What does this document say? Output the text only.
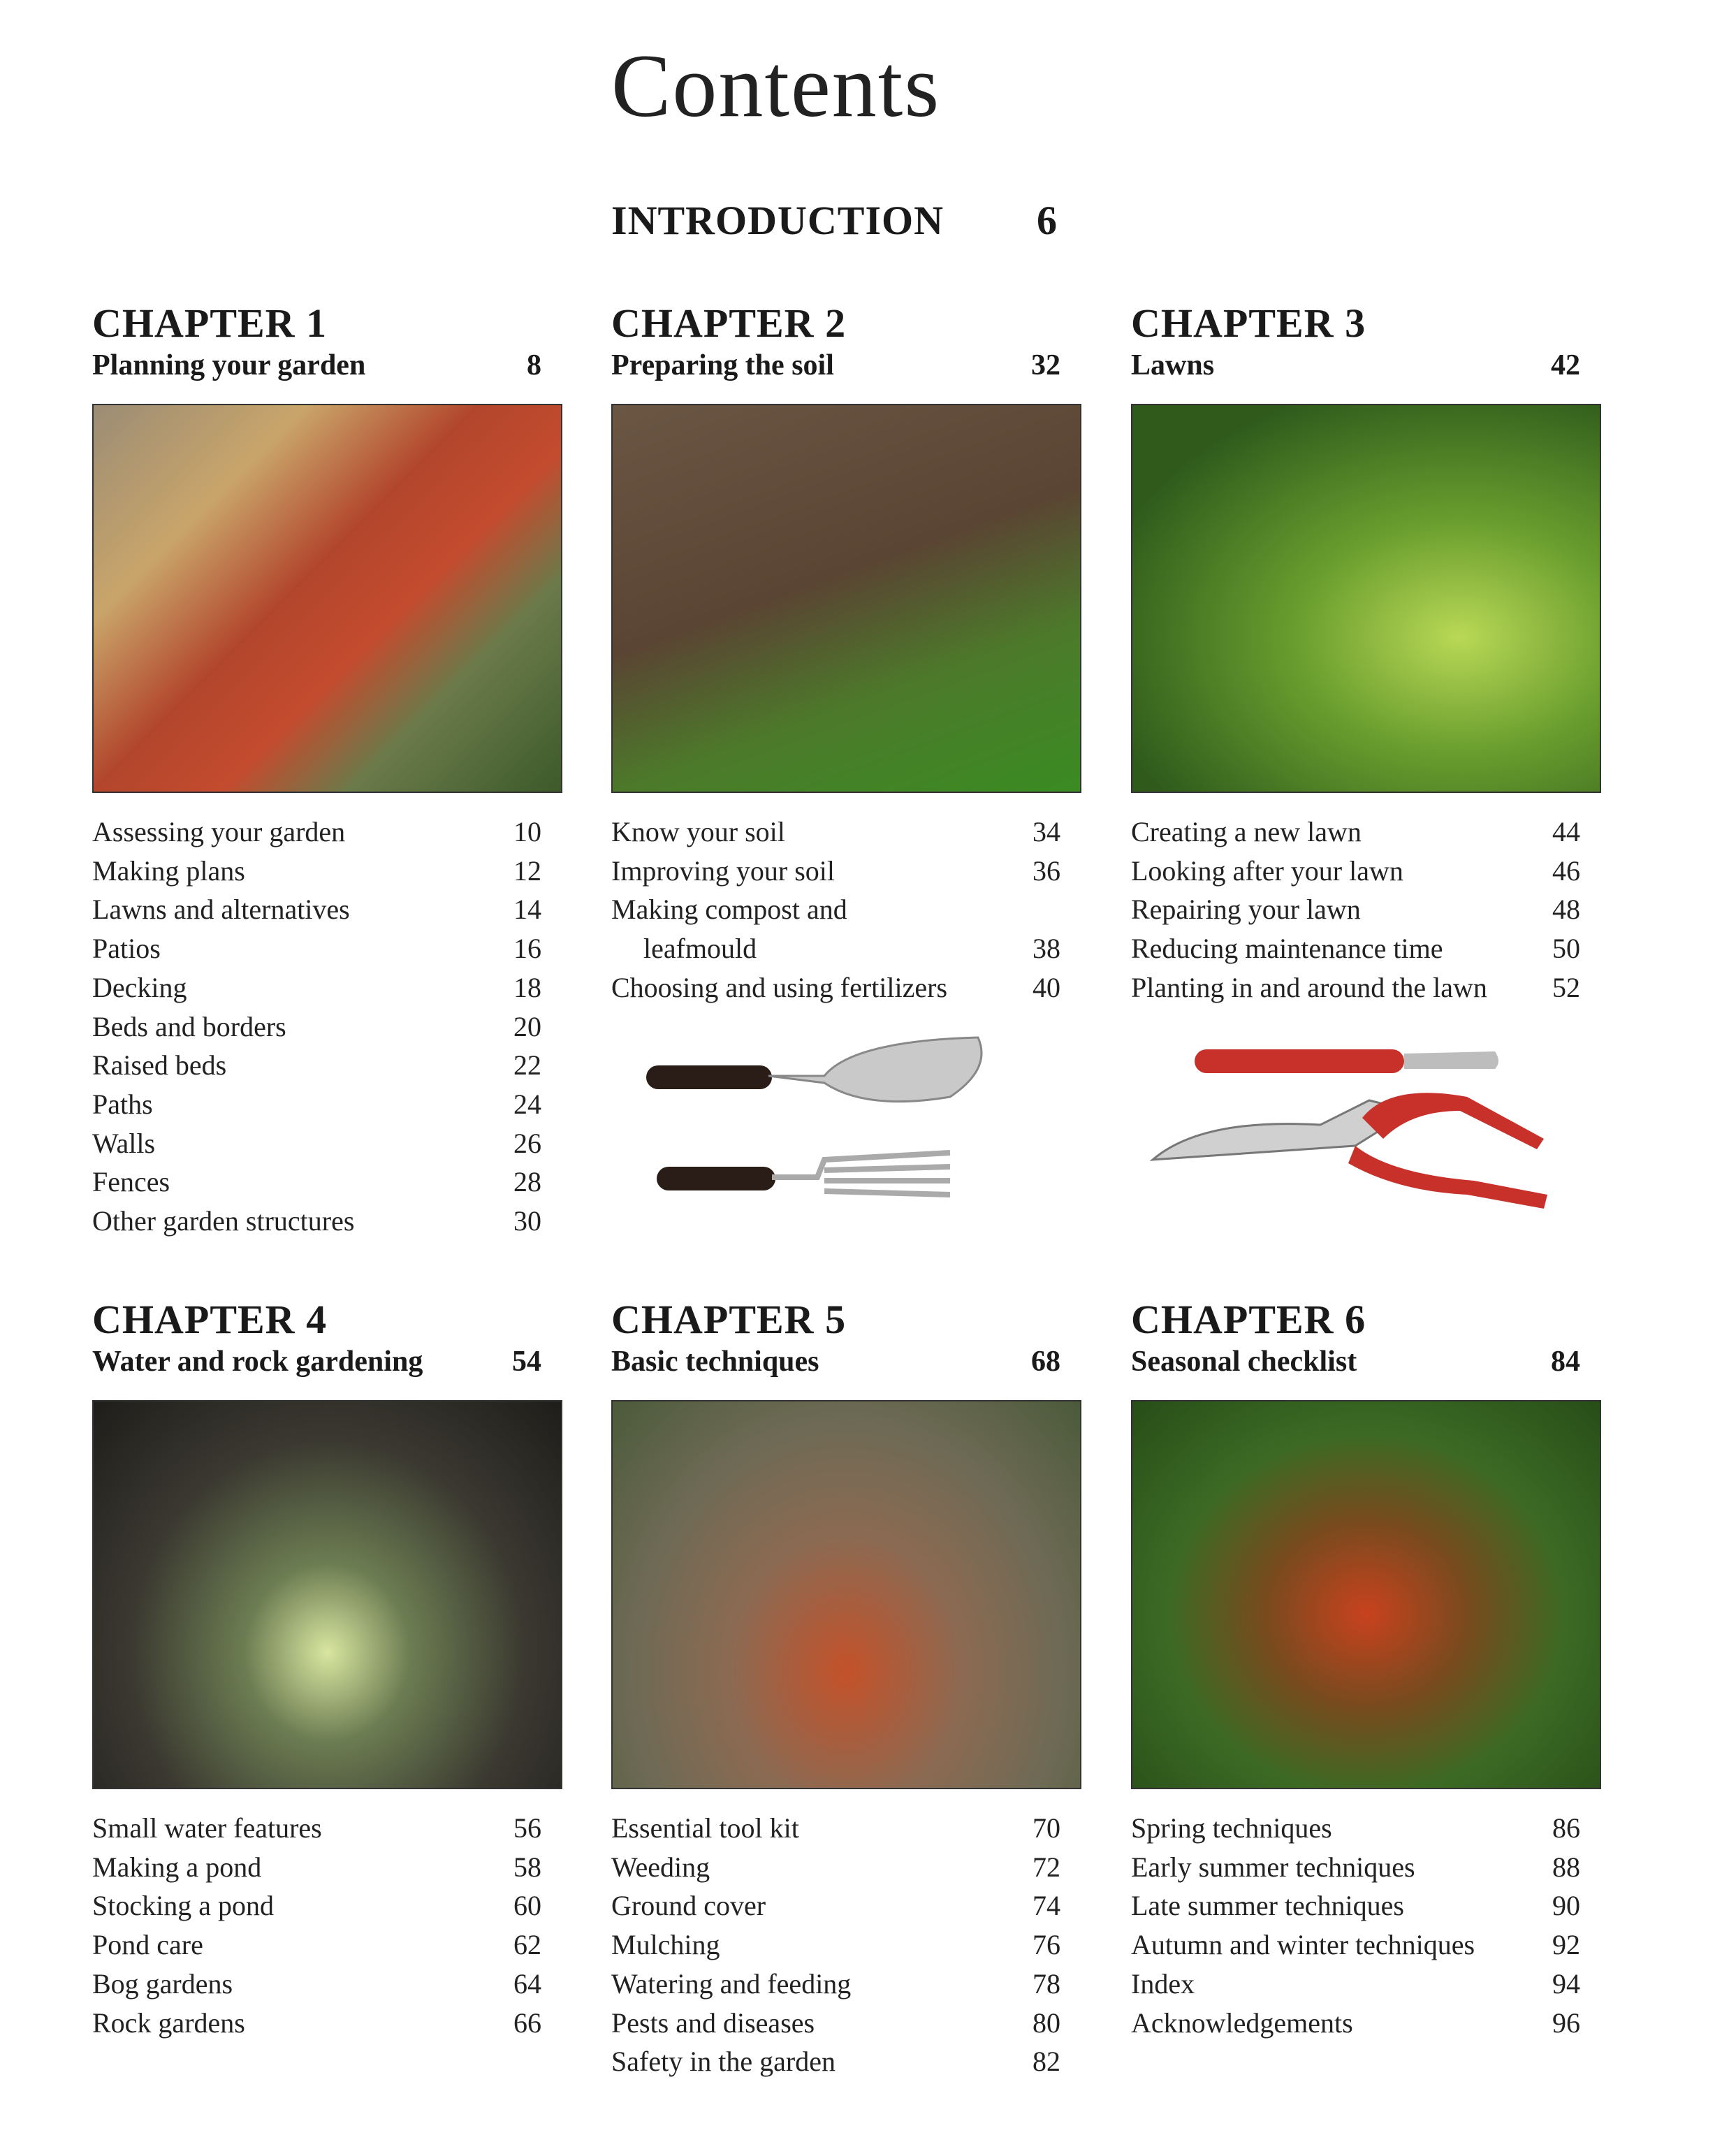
Contents
INTRODUCTION 6
CHAPTER 1
Planning your garden	8
Assessing your garden	10
Making plans	12
Lawns and alternatives	14
Patios	16
Decking	18
Beds and borders	20
Raised beds	22
Paths	24
Walls	26
Fences	28
Other garden structures	30
CHAPTER 2
Preparing the soil	32
Know your soil	34
Improving your soil	36
Making compost and
leafmould	38
Choosing and using fertilizers	40
CHAPTER 3
Lawns	42
Creating a new lawn	44
Looking after your lawn	46
Repairing your lawn	48
Reducing maintenance time	50
Planting in and around the lawn 52
CHAPTER 4
Water and rock gardening	54
Small water features	56
Making a pond	58
Stocking a pond	60
Pond care	62
Bog gardens	64
Rock gardens	66
CHAPTER 5
Basic techniques	68
Essential tool kit	70
Weeding	72
Ground cover	74
Mulching	76
Watering and feeding	78
Pests and diseases	80
Safety in the garden	82
CHAPTER 6
Seasonal checklist	84
Spring techniques	86
Early summer techniques	88
Late summer techniques	90
Autumn and winter techniques	92
Index	94
Acknowledgements	96
